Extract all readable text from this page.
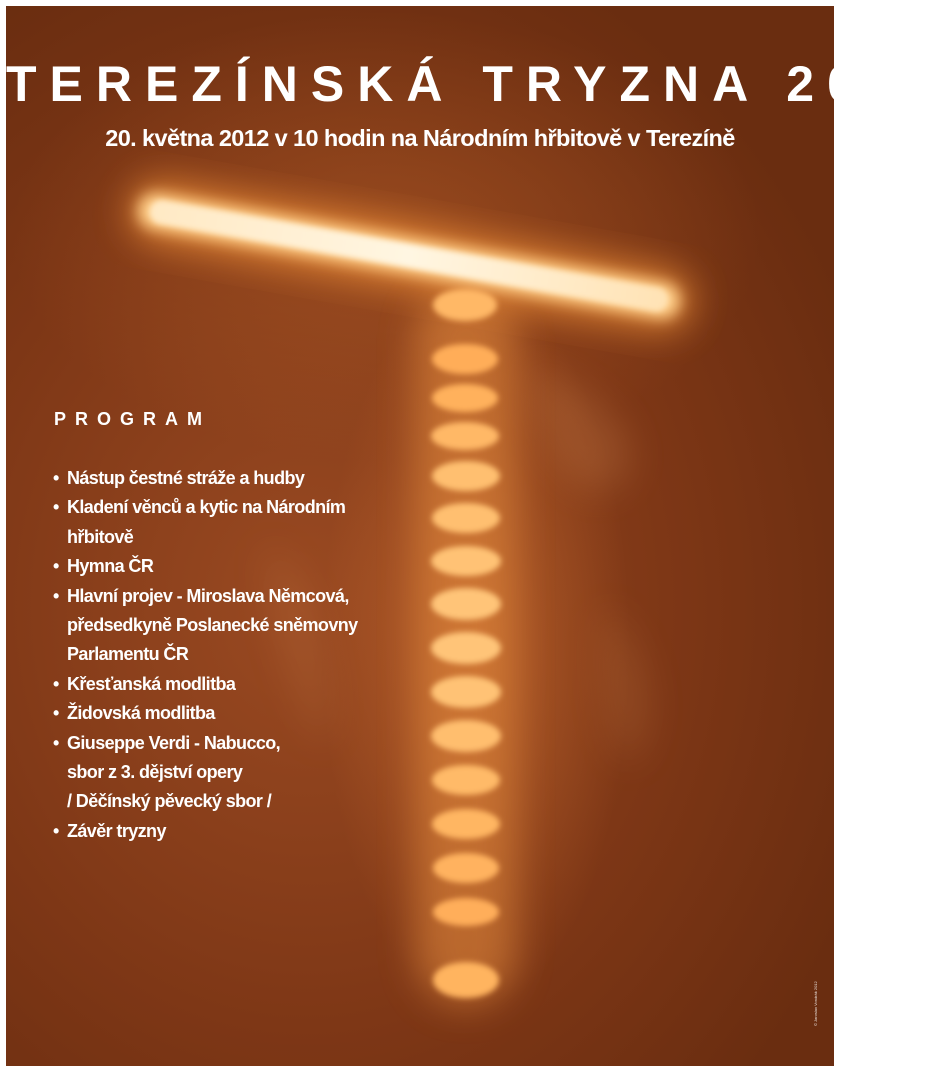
TEREZÍNSKÁ TRYZNA 2012
20. května 2012 v 10 hodin na Národním hřbitově v Terezíně
PROGRAM
• Nástup čestné stráže a hudby
• Kladení věnců a kytic na Národním
hřbitově
• Hymna ČR
• Hlavní projev - Miroslava Němcová,
předsedkyně Poslanecké sněmovny
Parlamentu ČR
• Křesťanská modlitba
• Židovská modlitba
• Giuseppe Verdi - Nabucco,
sbor z 3. dějství opery
/ Děčínský pěvecký sbor /
• Závěr tryzny
© Jaroslav Vondrák 2012
